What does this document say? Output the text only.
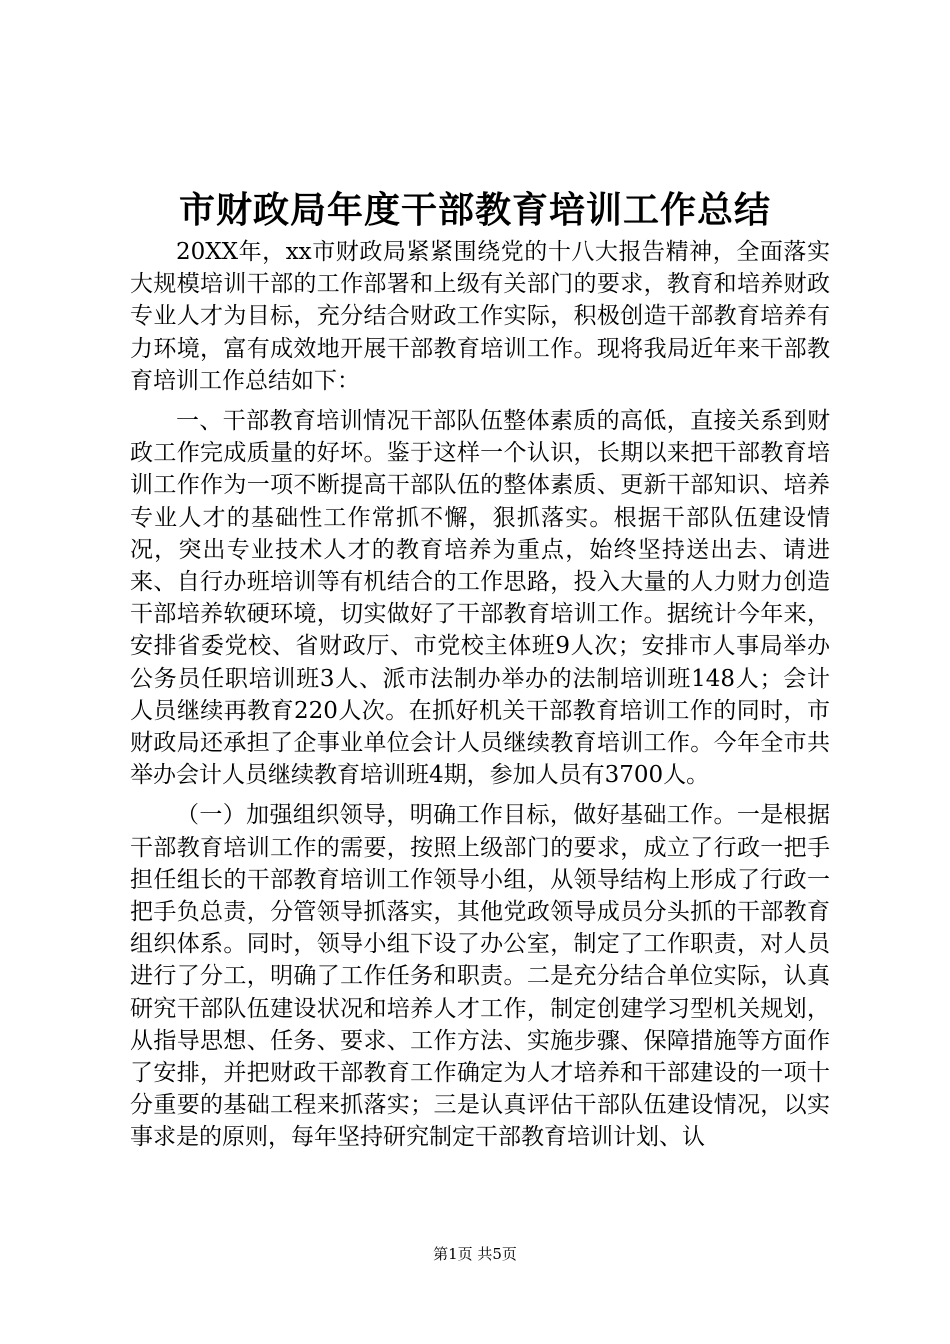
市财政局年度干部教育培训工作总结

20XX年，xx市财政局紧紧围绕党的十八大报告精神，全面落实大规模培训干部的工作部署和上级有关部门的要求，教育和培养财政专业人才为目标，充分结合财政工作实际，积极创造干部教育培养有力环境，富有成效地开展干部教育培训工作。现将我局近年来干部教育培训工作总结如下：

一、干部教育培训情况干部队伍整体素质的高低，直接关系到财政工作完成质量的好坏。鉴于这样一个认识，长期以来把干部教育培训工作作为一项不断提高干部队伍的整体素质、更新干部知识、培养专业人才的基础性工作常抓不懈，狠抓落实。根据干部队伍建设情况，突出专业技术人才的教育培养为重点，始终坚持送出去、请进来、自行办班培训等有机结合的工作思路，投入大量的人力财力创造干部培养软硬环境，切实做好了干部教育培训工作。据统计今年来，安排省委党校、省财政厅、市党校主体班9人次；安排市人事局举办公务员任职培训班3人、派市法制办举办的法制培训班148人；会计人员继续再教育220人次。在抓好机关干部教育培训工作的同时，市财政局还承担了企事业单位会计人员继续教育培训工作。今年全市共举办会计人员继续教育培训班4期，参加人员有3700人。

（一）加强组织领导，明确工作目标，做好基础工作。一是根据干部教育培训工作的需要，按照上级部门的要求，成立了行政一把手担任组长的干部教育培训工作领导小组，从领导结构上形成了行政一把手负总责，分管领导抓落实，其他党政领导成员分头抓的干部教育组织体系。同时，领导小组下设了办公室，制定了工作职责，对人员进行了分工，明确了工作任务和职责。二是充分结合单位实际，认真研究干部队伍建设状况和培养人才工作，制定创建学习型机关规划，从指导思想、任务、要求、工作方法、实施步骤、保障措施等方面作了安排，并把财政干部教育工作确定为人才培养和干部建设的一项十分重要的基础工程来抓落实；三是认真评估干部队伍建设情况，以实事求是的原则，每年坚持研究制定干部教育培训计划、认

第1页 共5页
